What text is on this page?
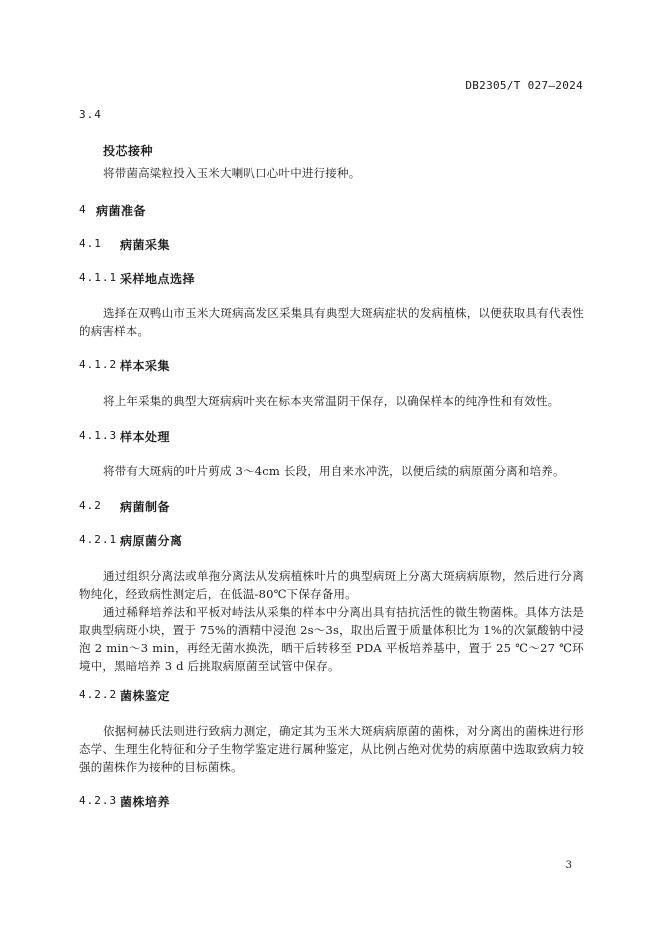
DB2305/T 027—2024
3.4
投芯接种
将带菌高粱粒投入玉米大喇叭口心叶中进行接种。
4 病菌准备
4.1 病菌采集
4.1.1 采样地点选择
选择在双鸭山市玉米大斑病高发区采集具有典型大斑病症状的发病植株，以便获取具有代表性的病害样本。
4.1.2 样本采集
将上年采集的典型大斑病病叶夹在标本夹常温阴干保存，以确保样本的纯净性和有效性。
4.1.3 样本处理
将带有大斑病的叶片剪成 3～4cm 长段，用自来水冲洗，以便后续的病原菌分离和培养。
4.2 病菌制备
4.2.1 病原菌分离
通过组织分离法或单孢分离法从发病植株叶片的典型病斑上分离大斑病病原物，然后进行分离物纯化，经致病性测定后，在低温-80℃下保存备用。
通过稀释培养法和平板对峙法从采集的样本中分离出具有拮抗活性的微生物菌株。具体方法是取典型病斑小块，置于 75%的酒精中浸泡 2s～3s，取出后置于质量体积比为 1%的次氯酸钠中浸泡 2 min～3 min，再经无菌水换洗，晒干后转移至 PDA 平板培养基中，置于 25 ℃～27 ℃环境中，黑暗培养 3 d 后挑取病原菌至试管中保存。
4.2.2 菌株鉴定
依据柯赫氏法则进行致病力测定，确定其为玉米大斑病病原菌的菌株，对分离出的菌株进行形态学、生理生化特征和分子生物学鉴定进行属种鉴定，从比例占绝对优势的病原菌中选取致病力较强的菌株作为接种的目标菌株。
4.2.3 菌株培养
3
